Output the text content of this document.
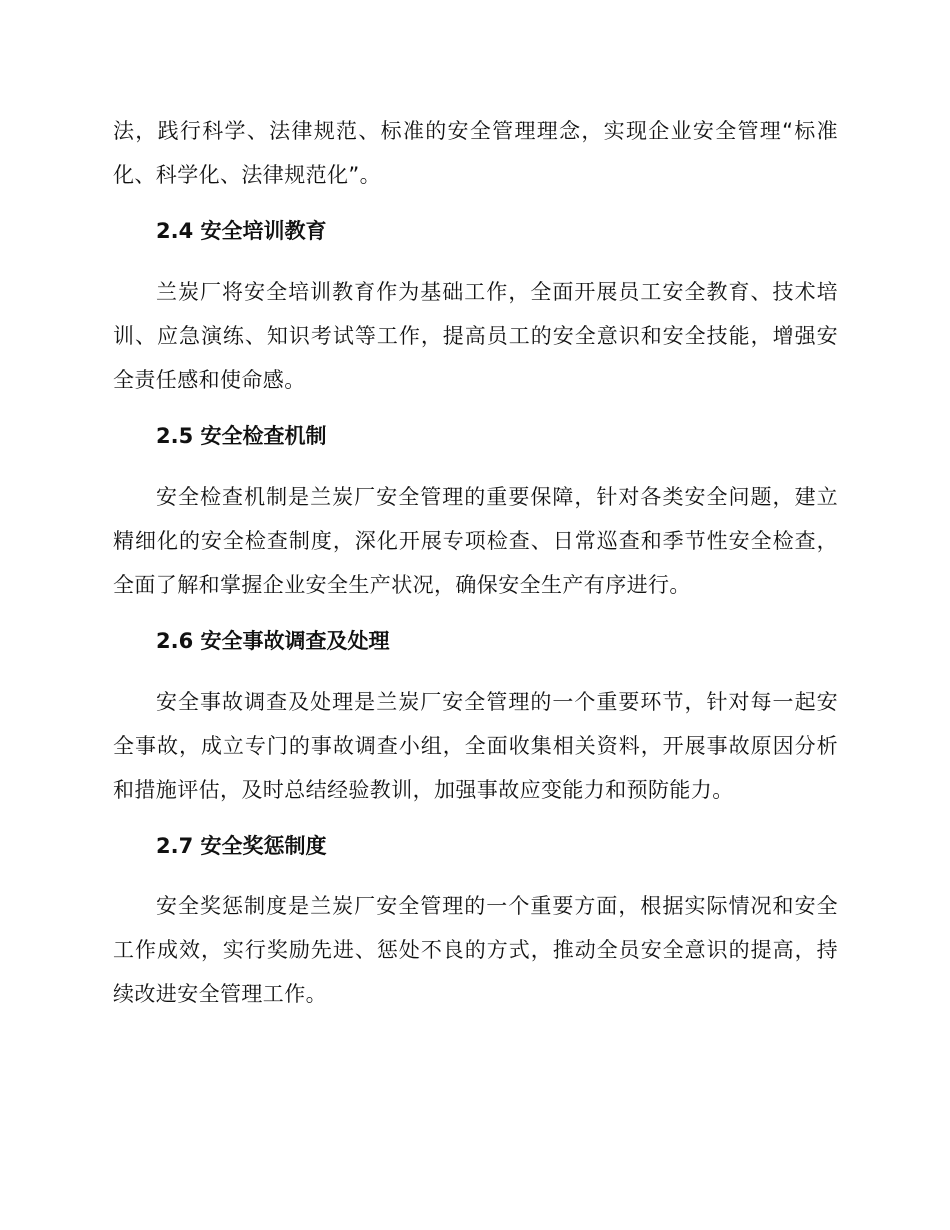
法，践行科学、法律规范、标准的安全管理理念，实现企业安全管理“标准

化、科学化、法律规范化”。

2.4 安全培训教育

兰炭厂将安全培训教育作为基础工作，全面开展员工安全教育、技术培

训、应急演练、知识考试等工作，提高员工的安全意识和安全技能，增强安

全责任感和使命感。

2.5 安全检查机制

安全检查机制是兰炭厂安全管理的重要保障，针对各类安全问题，建立

精细化的安全检查制度，深化开展专项检查、日常巡查和季节性安全检查，

全面了解和掌握企业安全生产状况，确保安全生产有序进行。

2.6 安全事故调查及处理

安全事故调查及处理是兰炭厂安全管理的一个重要环节，针对每一起安

全事故，成立专门的事故调查小组，全面收集相关资料，开展事故原因分析

和措施评估，及时总结经验教训，加强事故应变能力和预防能力。

2.7 安全奖惩制度

安全奖惩制度是兰炭厂安全管理的一个重要方面，根据实际情况和安全

工作成效，实行奖励先进、惩处不良的方式，推动全员安全意识的提高，持

续改进安全管理工作。
